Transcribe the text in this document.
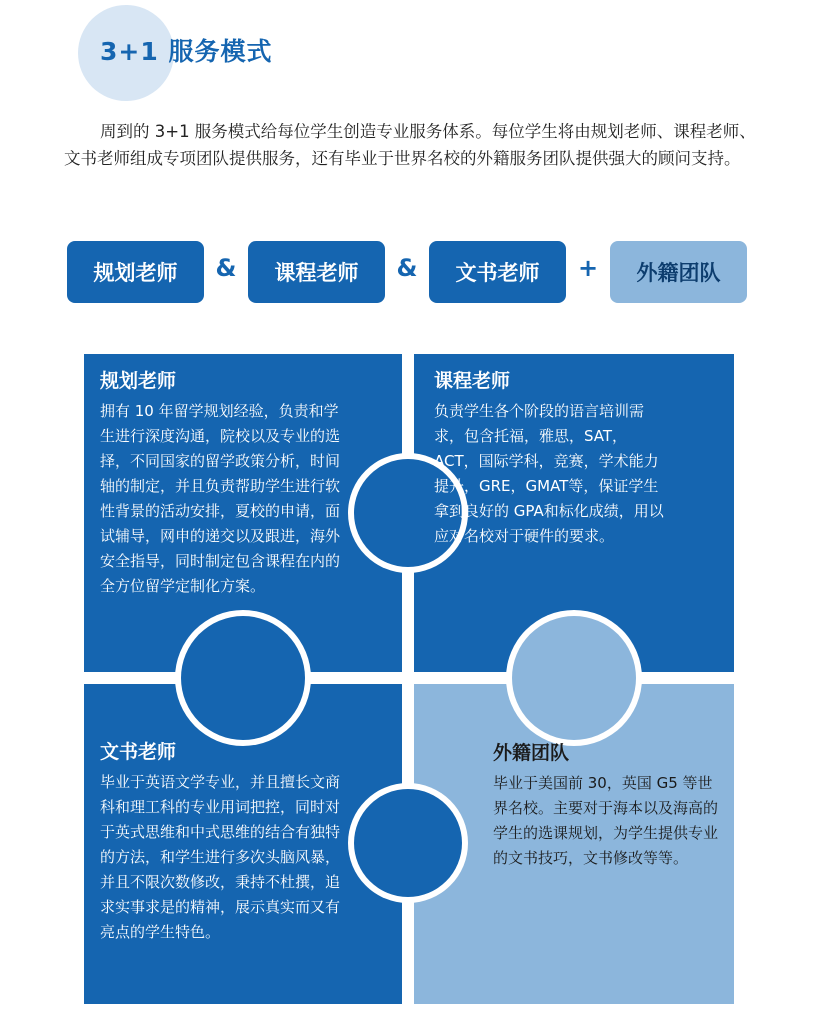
3+1 服务模式

周到的 3+1 服务模式给每位学生创造专业服务体系。每位学生将由规划老师、课程老师、文书老师组成专项团队提供服务，还有毕业于世界名校的外籍服务团队提供强大的顾问支持。

规划老师	&	课程老师	&	文书老师	+	外籍团队
规划老师
拥有 10 年留学规划经验，负责和学生进行深度沟通，院校以及专业的选择，不同国家的留学政策分析，时间轴的制定，并且负责帮助学生进行软性背景的活动安排，夏校的申请，面试辅导，网申的递交以及跟进，海外安全指导，同时制定包含课程在内的全方位留学定制化方案。
课程老师
负责学生各个阶段的语言培训需求，包含托福，雅思，SAT，ACT，国际学科，竞赛，学术能力提升，GRE，GMAT等，保证学生拿到良好的 GPA和标化成绩，用以应对名校对于硬件的要求。
文书老师
毕业于英语文学专业，并且擅长文商科和理工科的专业用词把控，同时对于英式思维和中式思维的结合有独特的方法，和学生进行多次头脑风暴，并且不限次数修改，秉持不杜撰，追求实事求是的精神，展示真实而又有亮点的学生特色。
外籍团队
毕业于美国前 30，英国 G5 等世界名校。主要对于海本以及海高的学生的选课规划，为学生提供专业的文书技巧，文书修改等等。
